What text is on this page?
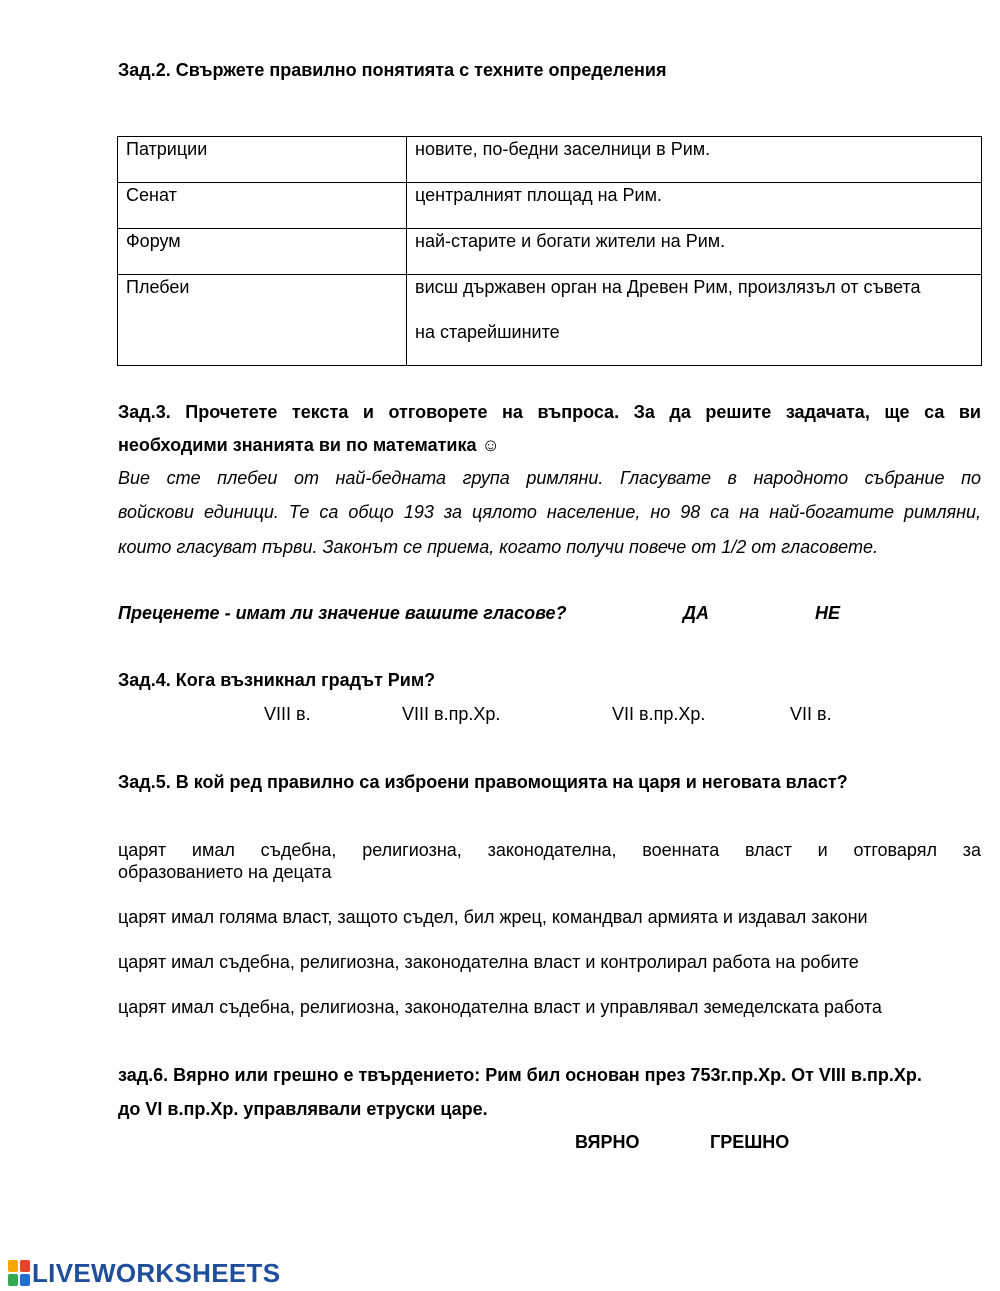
Зад.2. Свържете правилно понятията с техните определения
Патриции	новите, по-бедни заселници в Рим.
Сенат	централният площад на Рим.
Форум	най-старите и богати жители на Рим.
Плебеи	висш държавен орган на Древен Рим, произлязъл от съвета
на старейшините
Зад.3. Прочетете текста и отговорете на въпроса. За да решите задачата, ще са ви
необходими знанията ви по математика ☺
Вие сте плебеи от най-бедната група римляни. Гласувате в народното събрание по
войскови единици. Те са общо 193 за цялото население, но 98 са на най-богатите римляни,
които гласуват първи. Законът се приема, когато получи повече от 1/2 от гласовете.
Преценете - имат ли значение вашите гласове?	ДА	НЕ
Зад.4. Кога възникнал градът Рим?
VIII в.	VIII в.пр.Хр.	VII в.пр.Хр.	VII в.
Зад.5. В кой ред правилно са изброени правомощията на царя и неговата власт?
царят имал съдебна, религиозна, законодателна, военната власт и отговарял за
образованието на децата
царят имал голяма власт, защото съдел, бил жрец, командвал армията и издавал закони
царят имал съдебна, религиозна, законодателна власт и контролирал работа на робите
царят имал съдебна, религиозна, законодателна власт и управлявал земеделската работа
зад.6. Вярно или грешно е твърдението: Рим бил основан през 753г.пр.Хр. От VIII в.пр.Хр.
до VI в.пр.Хр. управлявали етруски царе.
ВЯРНО	ГРЕШНО
LIVEWORKSHEETS
